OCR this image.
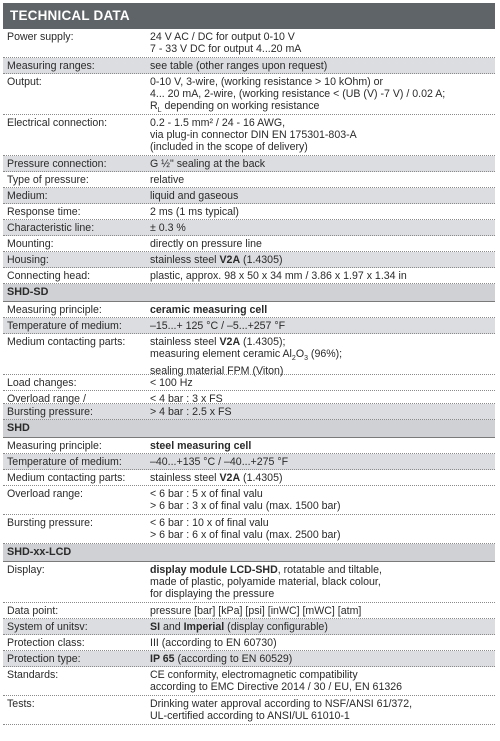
TECHNICAL DATA
Power supply:	24 V AC / DC for output 0-10 V
7 - 33 V DC for output 4...20 mA
Measuring ranges:	see table (other ranges upon request)
Output:	0-10 V, 3-wire, (working resistance > 10 kOhm) or
4... 20 mA, 2-wire, (working resistance < (UB (V) -7 V) / 0.02 A;
$R_L$ depending on working resistance
Electrical connection:	0.2 - 1.5 mm² / 24 - 16 AWG,
via plug-in connector DIN EN 175301-803-A
(included in the scope of delivery)
Pressure connection:	G ½" sealing at the back
Type of pressure:	relative
Medium:	liquid and gaseous
Response time:	2 ms (1 ms typical)
Characteristic line:	± 0.3 %
Mounting:	directly on pressure line
Housing:	stainless steel V2A (1.4305)
Connecting head:	plastic, approx. 98 x 50 x 34 mm / 3.86 x 1.97 x 1.34 in
SHD-SD
Measuring principle:	ceramic measuring cell
Temperature of medium:	–15...+ 125 °C / –5...+257 °F
Medium contacting parts:	stainless steel V2A (1.4305);
measuring element ceramic $Al_2O_3$ (96%);
sealing material FPM (Viton)
Load changes:	< 100 Hz
Overload range /	< 4 bar : 3 x FS
Bursting pressure:	> 4 bar : 2.5 x FS
SHD
Measuring principle:	steel measuring cell
Temperature of medium:	–40...+135 °C / –40...+275 °F
Medium contacting parts:	stainless steel V2A (1.4305)
Overload range:	< 6 bar : 5 x of final valu
> 6 bar : 3 x of final valu (max. 1500 bar)
Bursting pressure:	< 6 bar : 10 x of final valu
> 6 bar : 6 x of final valu (max. 2500 bar)
SHD-xx-LCD
Display:	display module LCD-SHD, rotatable and tiltable,
made of plastic, polyamide material, black colour,
for displaying the pressure
Data point:	pressure [bar] [kPa] [psi] [inWC] [mWC] [atm]
System of unitsv:	SI and Imperial (display configurable)
Protection class:	III (according to EN 60730)
Protection type:	IP 65 (according to EN 60529)
Standards:	CE conformity, electromagnetic compatibility
according to EMC Directive 2014 / 30 / EU, EN 61326
Tests:	Drinking water approval according to NSF/ANSI 61/372,
UL-certified according to ANSI/UL 61010-1
